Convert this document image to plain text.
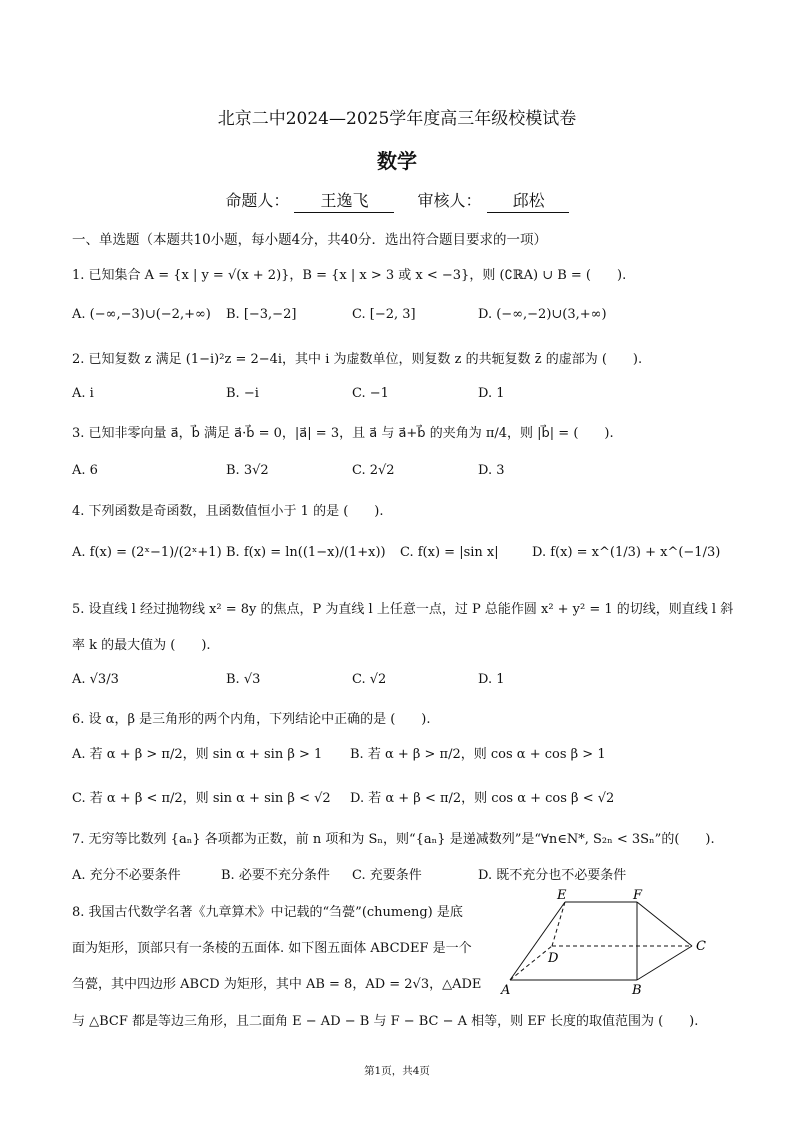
北京二中2024—2025学年度高三年级校模试卷
数学
命题人： 王逸飞	审核人： 邱松
一、单选题（本题共10小题，每小题4分，共40分．选出符合题目要求的一项）
1. 已知集合 A = {x | y = √(x + 2)}，B = {x | x > 3 或 x < −3}，则 (∁ℝA) ∪ B = (　　).
A. (−∞,−3)∪(−2,+∞) B. [−3,−2]	C. [−2, 3]	D. (−∞,−2)∪(3,+∞)
2. 已知复数 z 满足 (1−i)²z = 2−4i，其中 i 为虚数单位，则复数 z 的共轭复数 z̄ 的虚部为 (　　).
A. i	B. −i	C. −1	D. 1
3. 已知非零向量 a⃗，b⃗ 满足 a⃗·b⃗ = 0，|a⃗| = 3，且 a⃗ 与 a⃗+b⃗ 的夹角为 π/4，则 |b⃗| = (　　).
A. 6	B. 3√2	C. 2√2	D. 3
4. 下列函数是奇函数，且函数值恒小于 1 的是 (　　).
A. f(x) = (2ˣ−1)/(2ˣ+1) B. f(x) = ln((1−x)/(1+x)) C. f(x) = |sin x|	D. f(x) = x^(1/3) + x^(−1/3)
5. 设直线 l 经过抛物线 x² = 8y 的焦点，P 为直线 l 上任意一点，过 P 总能作圆 x² + y² = 1 的切线，则直线 l 斜
率 k 的最大值为 (　　).
A. √3/3	B. √3	C. √2	D. 1
6. 设 α，β 是三角形的两个内角，下列结论中正确的是 (　　).
A. 若 α + β > π/2，则 sin α + sin β > 1 B. 若 α + β > π/2，则 cos α + cos β > 1
C. 若 α + β < π/2，则 sin α + sin β < √2 D. 若 α + β < π/2，则 cos α + cos β < √2
7. 无穷等比数列 {aₙ} 各项都为正数，前 n 项和为 Sₙ，则“{aₙ} 是递减数列”是“∀n∈N*, S₂ₙ < 3Sₙ”的(　　).
A. 充分不必要条件	B. 必要不充分条件 C. 充要条件	D. 既不充分也不必要条件
8. 我国古代数学名著《九章算术》中记载的“刍甍”(chumeng) 是底
面为矩形，顶部只有一条棱的五面体. 如下图五面体 ABCDEF 是一个
刍甍，其中四边形 ABCD 为矩形，其中 AB = 8，AD = 2√3，△ADE
与 △BCF 都是等边三角形，且二面角 E − AD − B 与 F − BC − A 相等，则 EF 长度的取值范围为 (　　).
E	F
C
D
A	B
第1页，共4页
